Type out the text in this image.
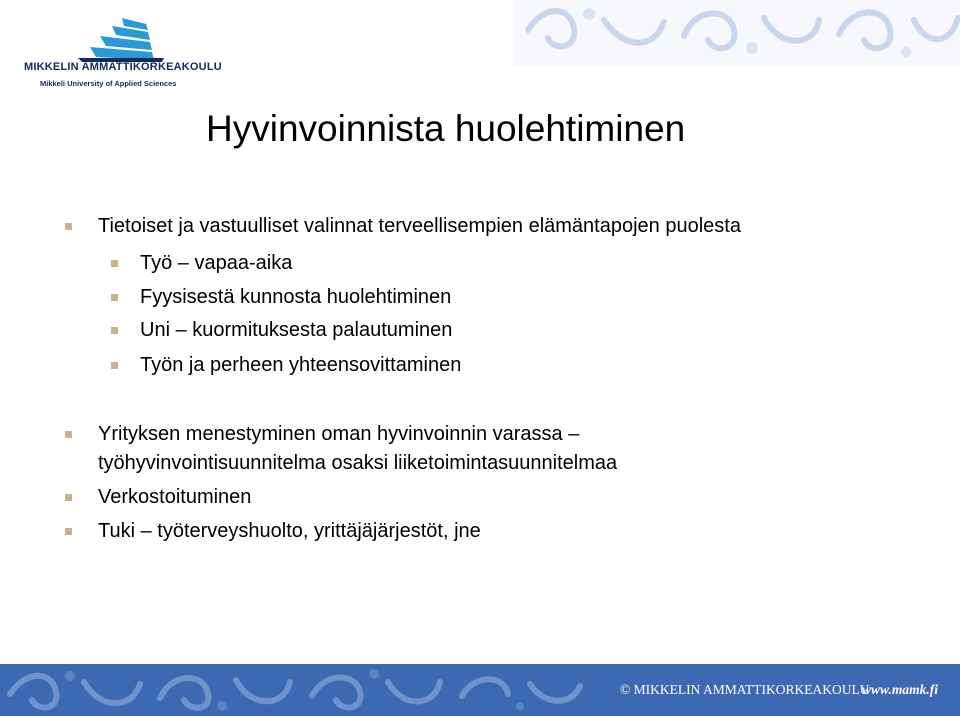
MIKKELIN AMMATTIKORKEAKOULU
Mikkeli University of Applied Sciences
Hyvinvoinnista huolehtiminen
Tietoiset ja vastuulliset valinnat terveellisempien elämäntapojen puolesta
Työ – vapaa-aika
Fyysisestä kunnosta huolehtiminen
Uni – kuormituksesta palautuminen
Työn ja perheen yhteensovittaminen
Yrityksen menestyminen oman hyvinvoinnin varassa –
työhyvinvointisuunnitelma osaksi liiketoimintasuunnitelmaa
Verkostoituminen
Tuki – työterveyshuolto, yrittäjäjärjestöt, jne
© MIKKELIN AMMATTIKORKEAKOULU
www.mamk.fi
